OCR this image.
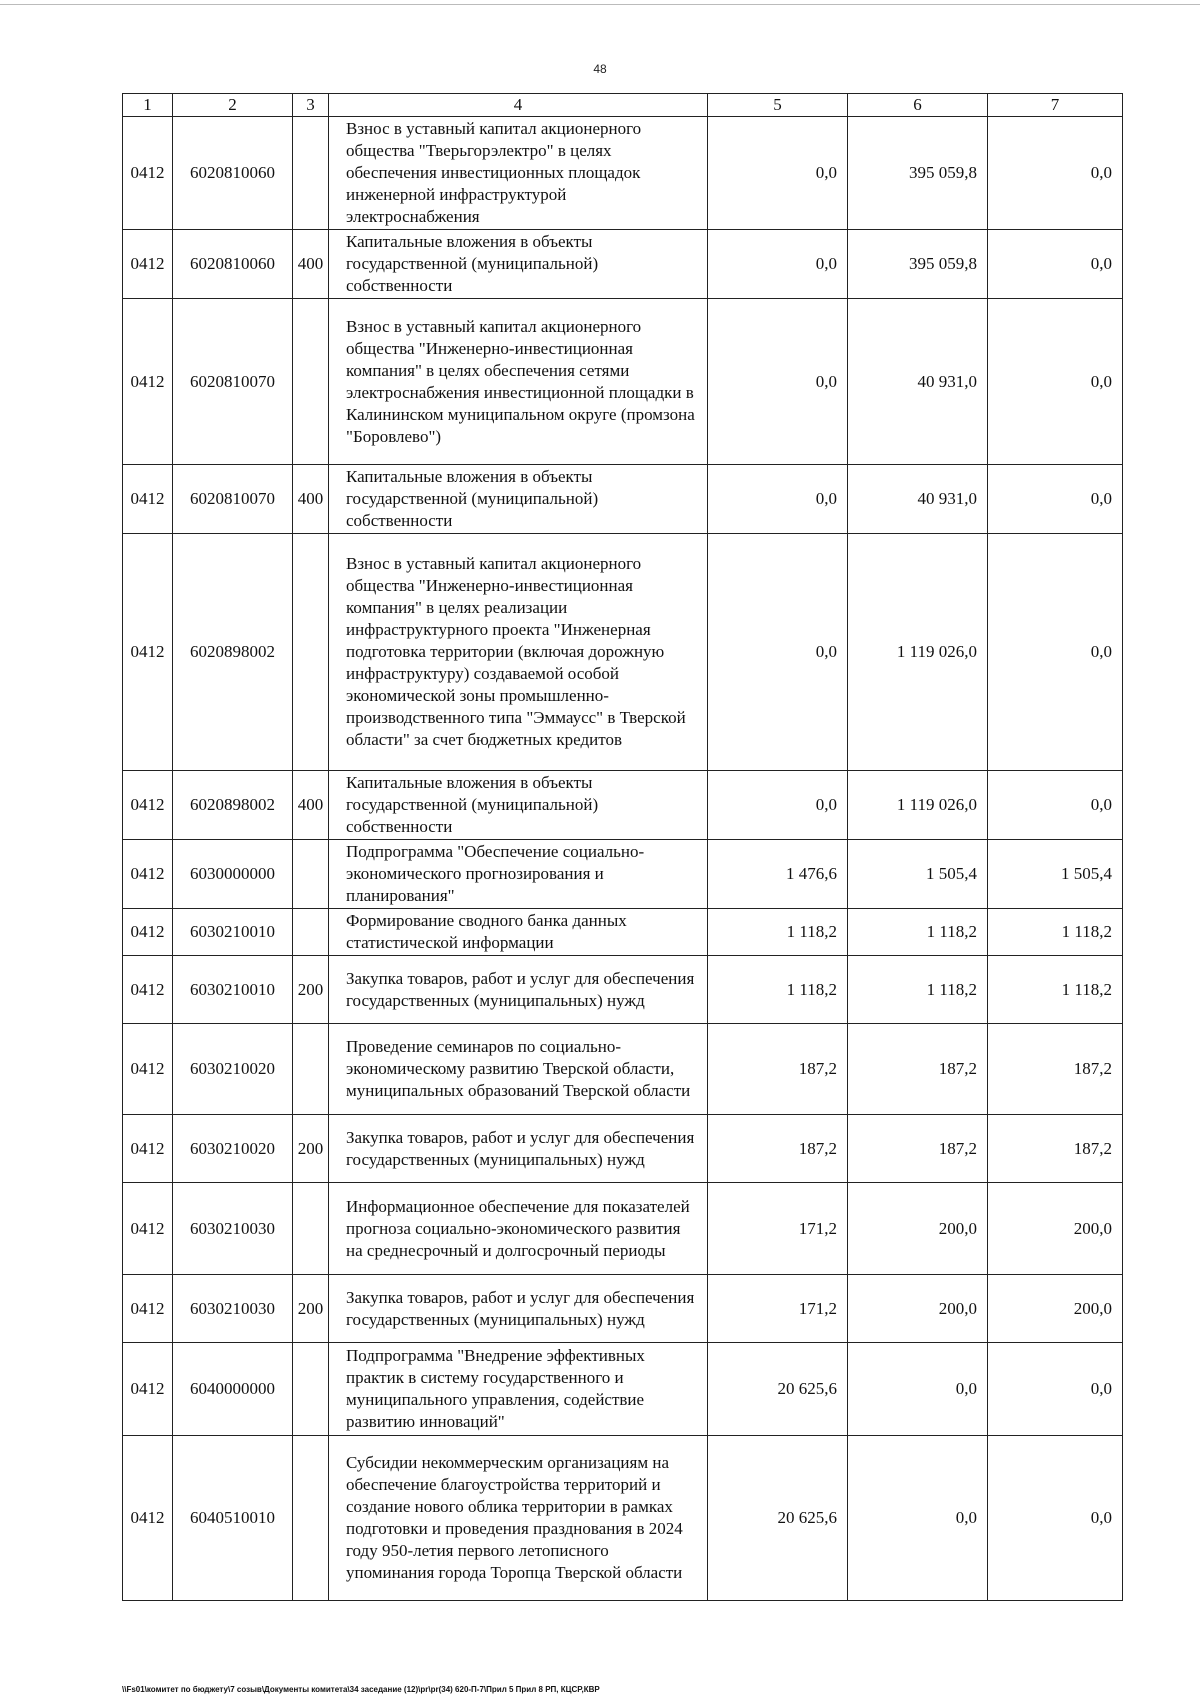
48
1	2	3	4	5	6	7
0412	6020810060		Взнос в уставный капитал акционерного общества "Тверьгорэлектро" в целях обеспечения инвестиционных площадок инженерной инфраструктурой электроснабжения	0,0	395 059,8	0,0
0412	6020810060	400	Капитальные вложения в объекты государственной (муниципальной) собственности	0,0	395 059,8	0,0
0412	6020810070		Взнос в уставный капитал акционерного общества "Инженерно-инвестиционная компания" в целях обеспечения сетями электроснабжения инвестиционной площадки в Калининском муниципальном округе (промзона "Боровлево")	0,0	40 931,0	0,0
0412	6020810070	400	Капитальные вложения в объекты государственной (муниципальной) собственности	0,0	40 931,0	0,0
0412	6020898002		Взнос в уставный капитал акционерного общества "Инженерно-инвестиционная компания" в целях реализации инфраструктурного проекта "Инженерная подготовка территории (включая дорожную инфраструктуру) создаваемой особой экономической зоны промышленно-производственного типа "Эммаусс" в Тверской области" за счет бюджетных кредитов	0,0	1 119 026,0	0,0
0412	6020898002	400	Капитальные вложения в объекты государственной (муниципальной) собственности	0,0	1 119 026,0	0,0
0412	6030000000		Подпрограмма "Обеспечение социально-экономического прогнозирования и планирования"	1 476,6	1 505,4	1 505,4
0412	6030210010		Формирование сводного банка данных статистической информации	1 118,2	1 118,2	1 118,2
0412	6030210010	200	Закупка товаров, работ и услуг для обеспечения государственных (муниципальных) нужд	1 118,2	1 118,2	1 118,2
0412	6030210020		Проведение семинаров по социально-экономическому развитию Тверской области, муниципальных образований Тверской области	187,2	187,2	187,2
0412	6030210020	200	Закупка товаров, работ и услуг для обеспечения государственных (муниципальных) нужд	187,2	187,2	187,2
0412	6030210030		Информационное обеспечение для показателей прогноза социально-экономического развития на среднесрочный и долгосрочный периоды	171,2	200,0	200,0
0412	6030210030	200	Закупка товаров, работ и услуг для обеспечения государственных (муниципальных) нужд	171,2	200,0	200,0
0412	6040000000		Подпрограмма "Внедрение эффективных практик в систему государственного и муниципального управления, содействие развитию инноваций"	20 625,6	0,0	0,0
0412	6040510010		Субсидии некоммерческим организациям на обеспечение благоустройства территорий и создание нового облика территории в рамках подготовки и проведения празднования в 2024 году 950-летия первого летописного упоминания города Торопца Тверской области	20 625,6	0,0	0,0
\\Fs01\комитет по бюджету\7 созыв\Документы комитета\34 заседание (12)\pr\pr(34) 620-П-7\Прил 5 Прил 8 РП, КЦСР,КВР
